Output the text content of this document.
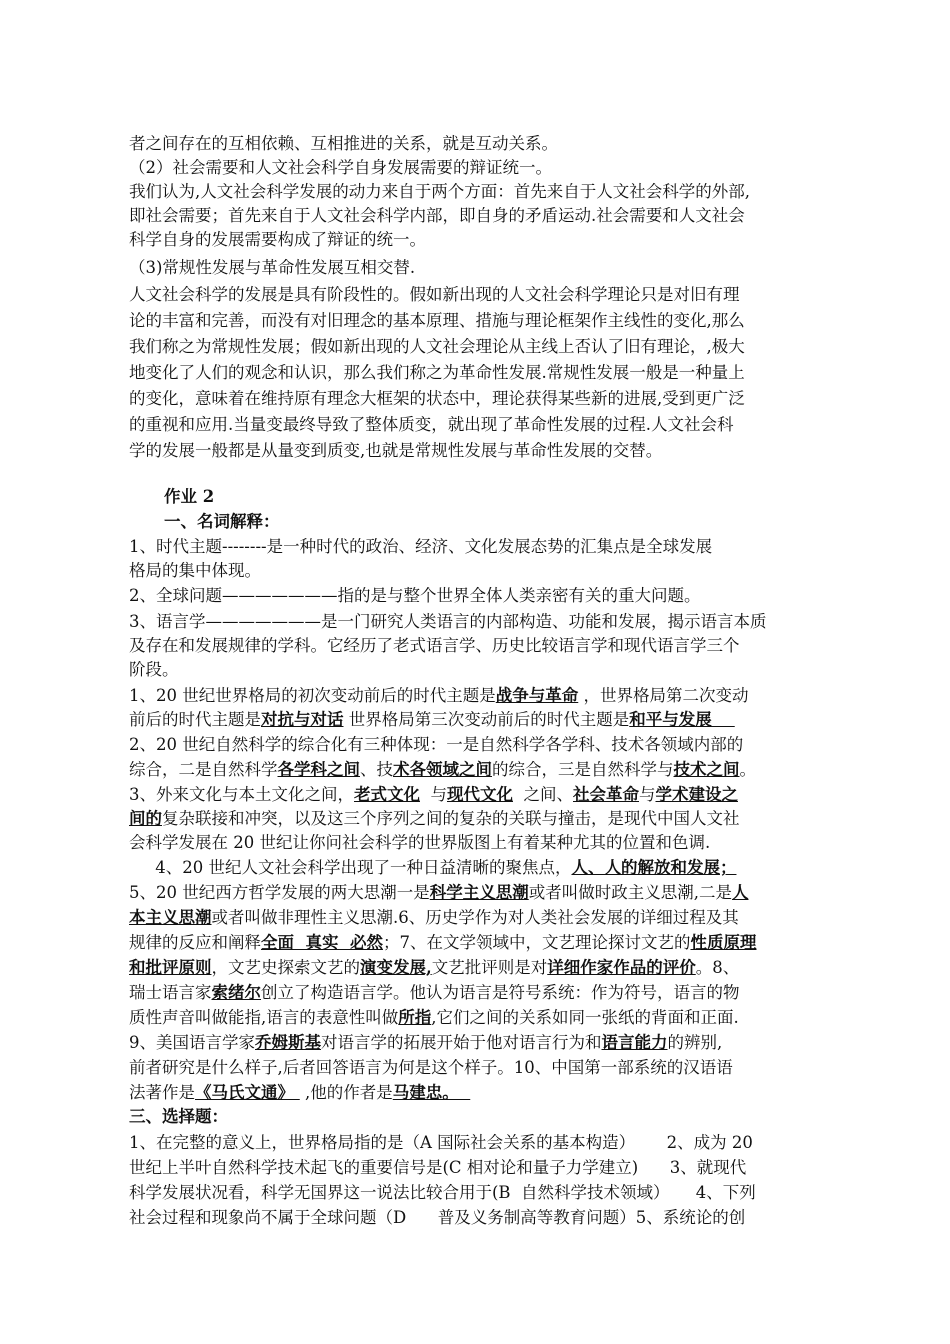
者之间存在的互相依赖、互相推进的关系，就是互动关系。
（2）社会需要和人文社会科学自身发展需要的辩证统一。
我们认为,人文社会科学发展的动力来自于两个方面：首先来自于人文社会科学的外部,
即社会需要；首先来自于人文社会科学内部，即自身的矛盾运动.社会需要和人文社会
科学自身的发展需要构成了辩证的统一。
（3)常规性发展与革命性发展互相交替.
人文社会科学的发展是具有阶段性的。假如新出现的人文社会科学理论只是对旧有理
论的丰富和完善，而没有对旧理念的基本原理、措施与理论框架作主线性的变化,那么
我们称之为常规性发展；假如新出现的人文社会理论从主线上否认了旧有理论，,极大
地变化了人们的观念和认识，那么我们称之为革命性发展.常规性发展一般是一种量上
的变化，意味着在维持原有理念大框架的状态中，理论获得某些新的进展,受到更广泛
的重视和应用.当量变最终导致了整体质变，就出现了革命性发展的过程.人文社会科
学的发展一般都是从量变到质变,也就是常规性发展与革命性发展的交替。
作业 2
一、名词解释：
1、时代主题--------是一种时代的政治、经济、文化发展态势的汇集点是全球发展
格局的集中体现。
2、全球问题———————指的是与整个世界全体人类亲密有关的重大问题。
3、语言学———————是一门研究人类语言的内部构造、功能和发展，揭示语言本质
及存在和发展规律的学科。它经历了老式语言学、历史比较语言学和现代语言学三个
阶段。
1、20 世纪世界格局的初次变动前后的时代主题是战争与革命 ，世界格局第二次变动
前后的时代主题是对抗与对话 世界格局第三次变动前后的时代主题是和平与发展
2、20 世纪自然科学的综合化有三种体现：一是自然科学各学科、技术各领域内部的
综合，二是自然科学各学科之间、技术各领域之间的综合，三是自然科学与技术之间。
3、外来文化与本土文化之间，老式文化  与现代文化  之间、社会革命与学术建设之
间的复杂联接和冲突，以及这三个序列之间的复杂的关联与撞击，是现代中国人文社
会科学发展在 20 世纪让你问社会科学的世界版图上有着某种尤其的位置和色调.
4、20 世纪人文社会科学出现了一种日益清晰的聚焦点，人、人的解放和发展；
5、20 世纪西方哲学发展的两大思潮一是科学主义思潮或者叫做时政主义思潮,二是人
本主义思潮或者叫做非理性主义思潮.6、历史学作为对人类社会发展的详细过程及其
规律的反应和阐释全面  真实  必然；7、在文学领域中，文艺理论探讨文艺的性质原理
和批评原则，文艺史探索文艺的演变发展,文艺批评则是对详细作家作品的评价。8、
瑞士语言家索绪尔创立了构造语言学。他认为语言是符号系统：作为符号，语言的物
质性声音叫做能指,语言的表意性叫做所指,它们之间的关系如同一张纸的背面和正面.
9、美国语言学家乔姆斯基对语言学的拓展开始于他对语言行为和语言能力的辨别,
前者研究是什么样子,后者回答语言为何是这个样子。10、中国第一部系统的汉语语
法著作是《马氏文通》  ,他的作者是马建忠。
三、选择题：
1、在完整的意义上，世界格局指的是（A 国际社会关系的基本构造）      2、成为 20
世纪上半叶自然科学技术起飞的重要信号是(C 相对论和量子力学建立)      3、就现代
科学发展状况看，科学无国界这一说法比较合用于(B  自然科学技术领域）     4、下列
社会过程和现象尚不属于全球问题（D      普及义务制高等教育问题）5、系统论的创
